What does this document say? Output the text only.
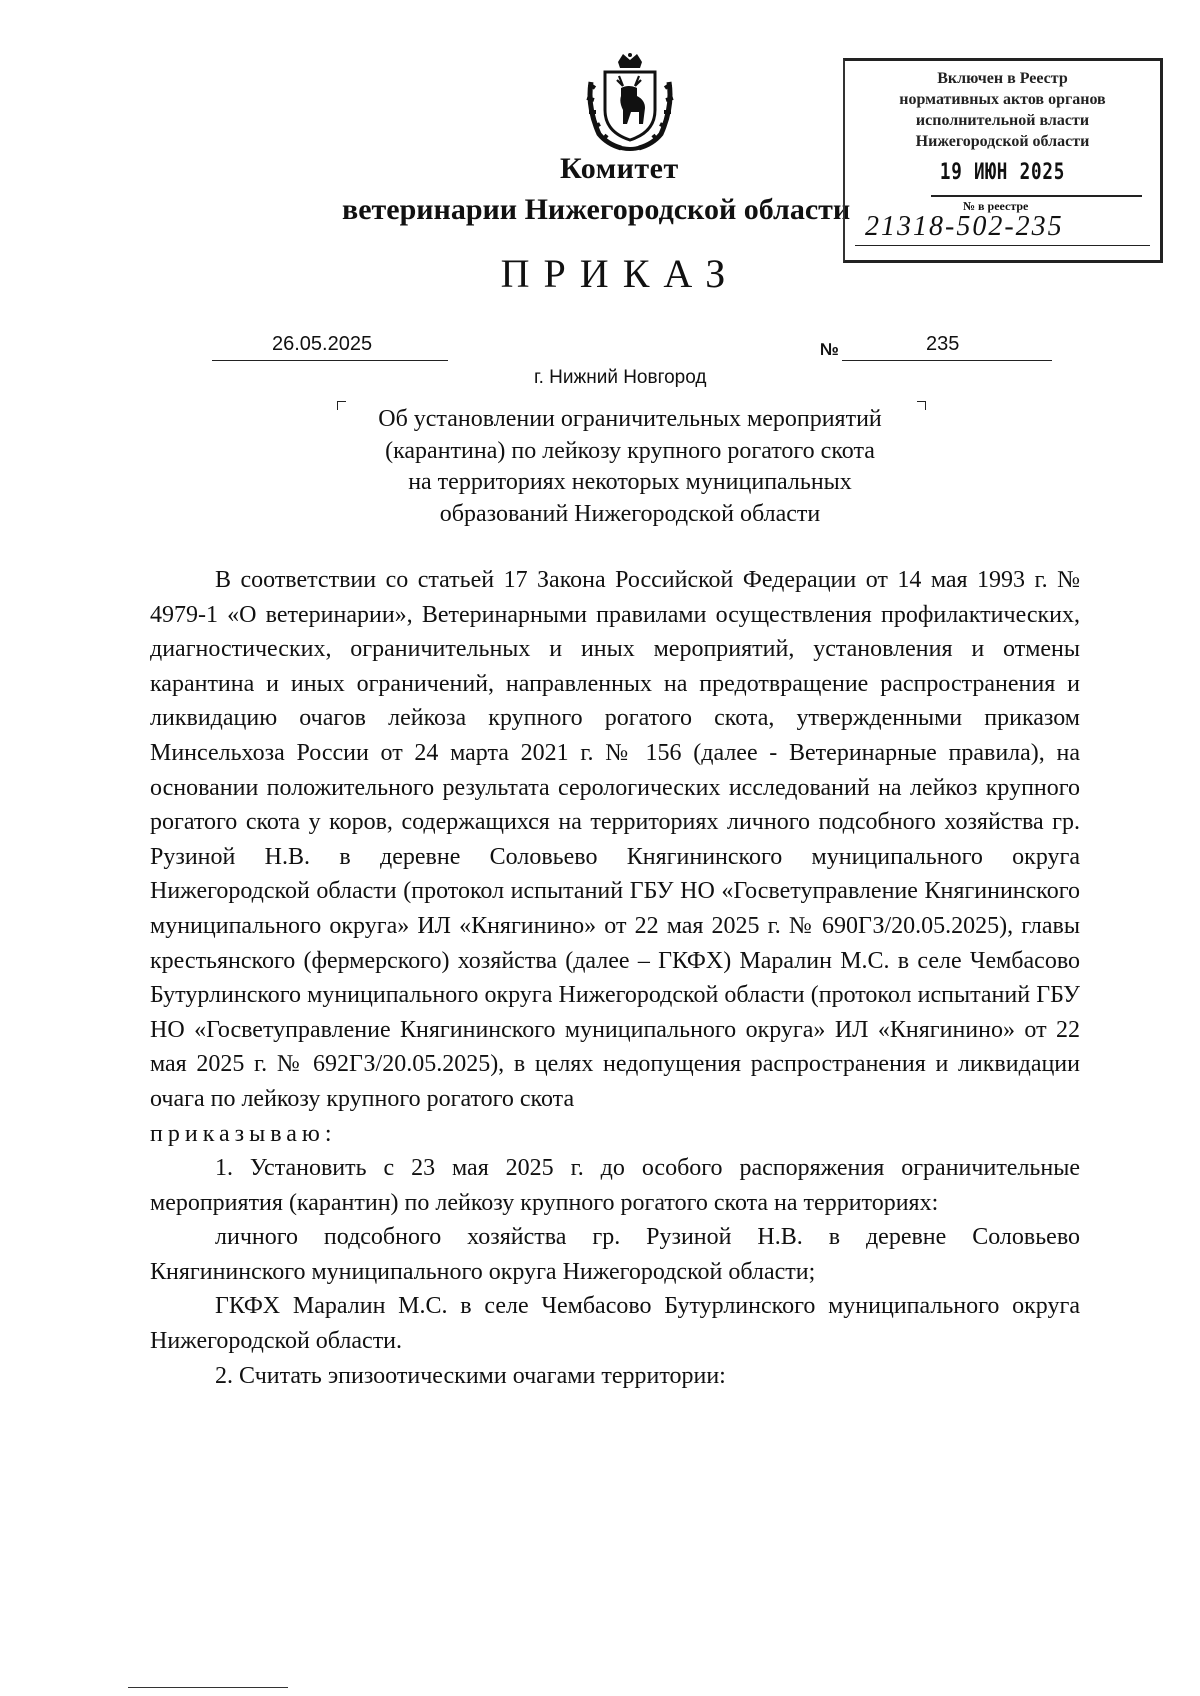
Комитет
ветеринарии Нижегородской области
ПРИКАЗ
Включен в Реестр
нормативных актов органов
исполнительной власти
Нижегородской области
19 ИЮН 2025
№ в реестре
21318-502-235
26.05.2025	№	235
г. Нижний Новгород
Об установлении ограничительных мероприятий
(карантина) по лейкозу крупного рогатого скота
на территориях некоторых муниципальных
образований Нижегородской области

В соответствии со статьей 17 Закона Российской Федерации от 14 мая 1993 г. № 4979-1 «О ветеринарии», Ветеринарными правилами осуществления профилактических, диагностических, ограничительных и иных мероприятий, установления и отмены карантина и иных ограничений, направленных на предотвращение распространения и ликвидацию очагов лейкоза крупного рогатого скота, утвержденными приказом Минсельхоза России от 24 марта 2021 г. № 156 (далее - Ветеринарные правила), на основании положительного результата серологических исследований на лейкоз крупного рогатого скота у коров, содержащихся на территориях личного подсобного хозяйства гр. Рузиной Н.В. в деревне Соловьево Княгининского муниципального округа Нижегородской области (протокол испытаний ГБУ НО «Госветуправление Княгининского муниципального округа» ИЛ «Княгинино» от 22 мая 2025 г. № 690ГЗ/20.05.2025), главы крестьянского (фермерского) хозяйства (далее – ГКФХ) Маралин М.С. в селе Чембасово Бутурлинского муниципального округа Нижегородской области (протокол испытаний ГБУ НО «Госветуправление Княгининского муниципального округа» ИЛ «Княгинино» от 22 мая 2025 г. № 692ГЗ/20.05.2025), в целях недопущения распространения и ликвидации очага по лейкозу крупного рогатого скота

приказываю:

1. Установить с 23 мая 2025 г. до особого распоряжения ограничительные мероприятия (карантин) по лейкозу крупного рогатого скота на территориях:

личного подсобного хозяйства гр. Рузиной Н.В. в деревне Соловьево Княгининского муниципального округа Нижегородской области;

ГКФХ Маралин М.С. в селе Чембасово Бутурлинского муниципального округа Нижегородской области.

2. Считать эпизоотическими очагами территории:
